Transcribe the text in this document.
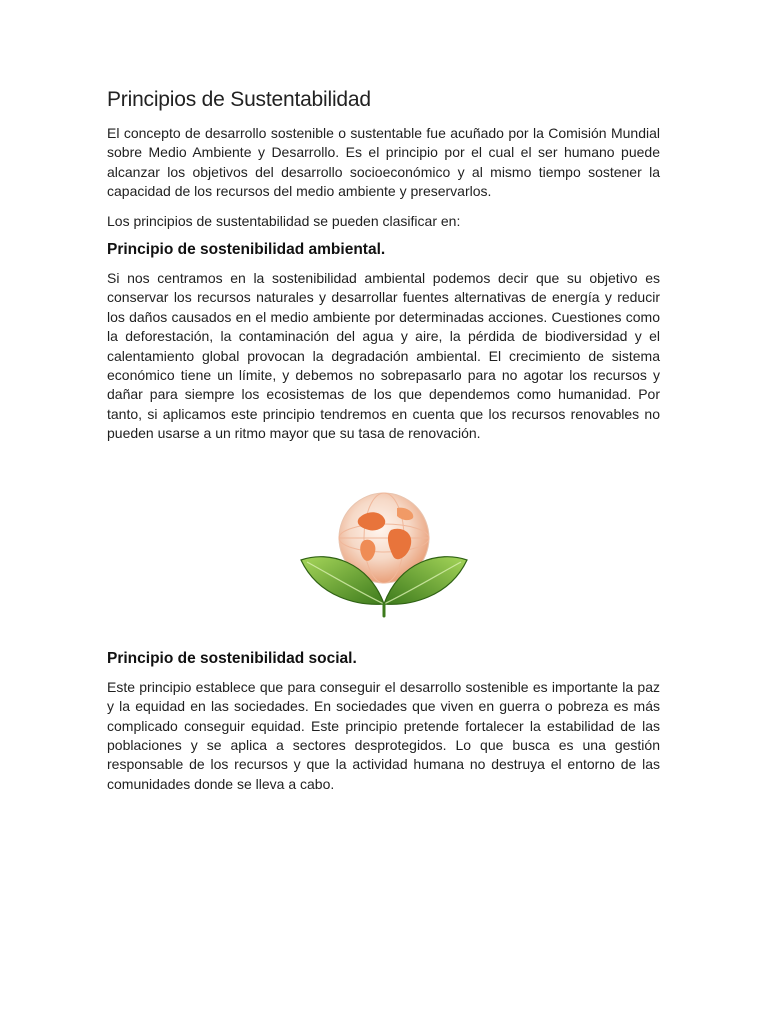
Principios de Sustentabilidad

El concepto de desarrollo sostenible o sustentable fue acuñado por la Comisión Mundial sobre Medio Ambiente y Desarrollo. Es el principio por el cual el ser humano puede alcanzar los objetivos del desarrollo socioeconómico y al mismo tiempo sostener la capacidad de los recursos del medio ambiente y preservarlos.

Los principios de sustentabilidad se pueden clasificar en:

Principio de sostenibilidad ambiental.

Si nos centramos en la sostenibilidad ambiental podemos decir que su objetivo es conservar los recursos naturales y desarrollar fuentes alternativas de energía y reducir los daños causados en el medio ambiente por determinadas acciones. Cuestiones como la deforestación, la contaminación del agua y aire, la pérdida de biodiversidad y el calentamiento global provocan la degradación ambiental. El crecimiento de sistema económico tiene un límite, y debemos no sobrepasarlo para no agotar los recursos y dañar para siempre los ecosistemas de los que dependemos como humanidad. Por tanto, si aplicamos este principio tendremos en cuenta que los recursos renovables no pueden usarse a un ritmo mayor que su tasa de renovación.

Principio de sostenibilidad social.

Este principio establece que para conseguir el desarrollo sostenible es importante la paz y la equidad en las sociedades. En sociedades que viven en guerra o pobreza es más complicado conseguir equidad. Este principio pretende fortalecer la estabilidad de las poblaciones y se aplica a sectores desprotegidos. Lo que busca es una gestión responsable de los recursos y que la actividad humana no destruya el entorno de las comunidades donde se lleva a cabo.
